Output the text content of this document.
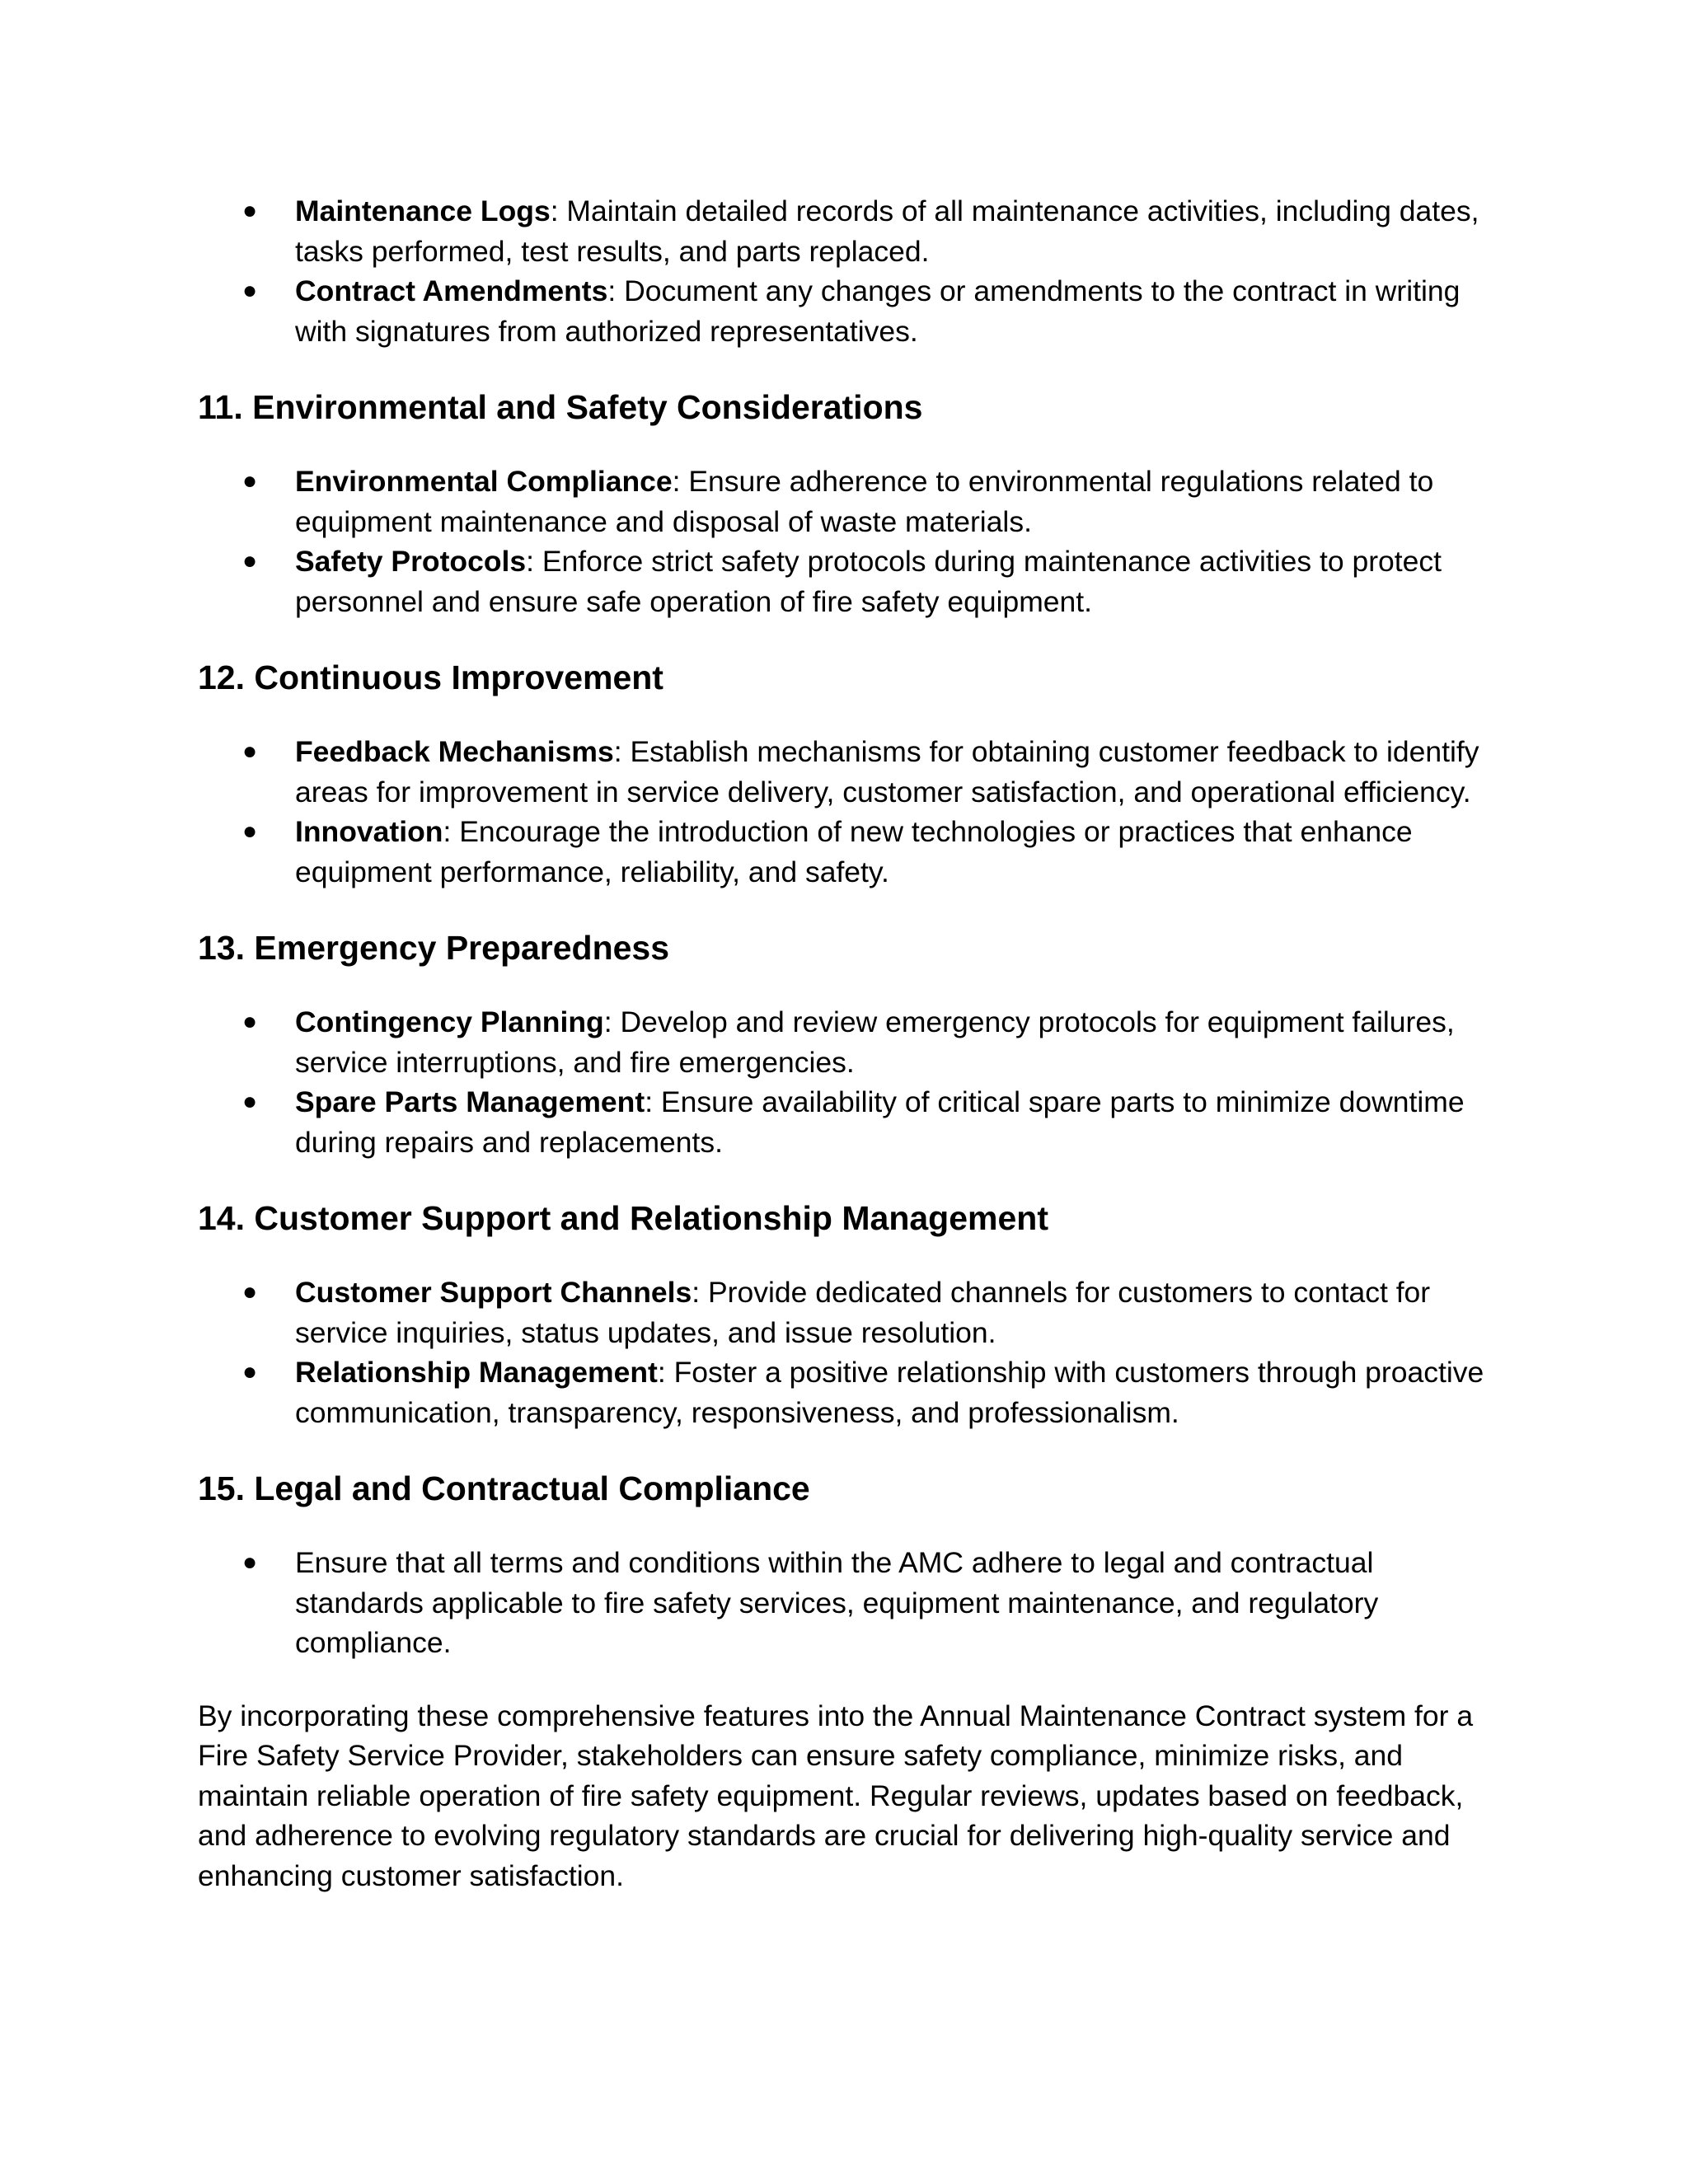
● Maintenance Logs: Maintain detailed records of all maintenance activities, including dates, tasks performed, test results, and parts replaced.
● Contract Amendments: Document any changes or amendments to the contract in writing with signatures from authorized representatives.
11. Environmental and Safety Considerations
● Environmental Compliance: Ensure adherence to environmental regulations related to equipment maintenance and disposal of waste materials.
● Safety Protocols: Enforce strict safety protocols during maintenance activities to protect personnel and ensure safe operation of fire safety equipment.
12. Continuous Improvement
● Feedback Mechanisms: Establish mechanisms for obtaining customer feedback to identify areas for improvement in service delivery, customer satisfaction, and operational efficiency.
● Innovation: Encourage the introduction of new technologies or practices that enhance equipment performance, reliability, and safety.
13. Emergency Preparedness
● Contingency Planning: Develop and review emergency protocols for equipment failures, service interruptions, and fire emergencies.
● Spare Parts Management: Ensure availability of critical spare parts to minimize downtime during repairs and replacements.
14. Customer Support and Relationship Management
● Customer Support Channels: Provide dedicated channels for customers to contact for service inquiries, status updates, and issue resolution.
● Relationship Management: Foster a positive relationship with customers through proactive communication, transparency, responsiveness, and professionalism.
15. Legal and Contractual Compliance
● Ensure that all terms and conditions within the AMC adhere to legal and contractual standards applicable to fire safety services, equipment maintenance, and regulatory compliance.

By incorporating these comprehensive features into the Annual Maintenance Contract system for a Fire Safety Service Provider, stakeholders can ensure safety compliance, minimize risks, and maintain reliable operation of fire safety equipment. Regular reviews, updates based on feedback, and adherence to evolving regulatory standards are crucial for delivering high-quality service and enhancing customer satisfaction.
